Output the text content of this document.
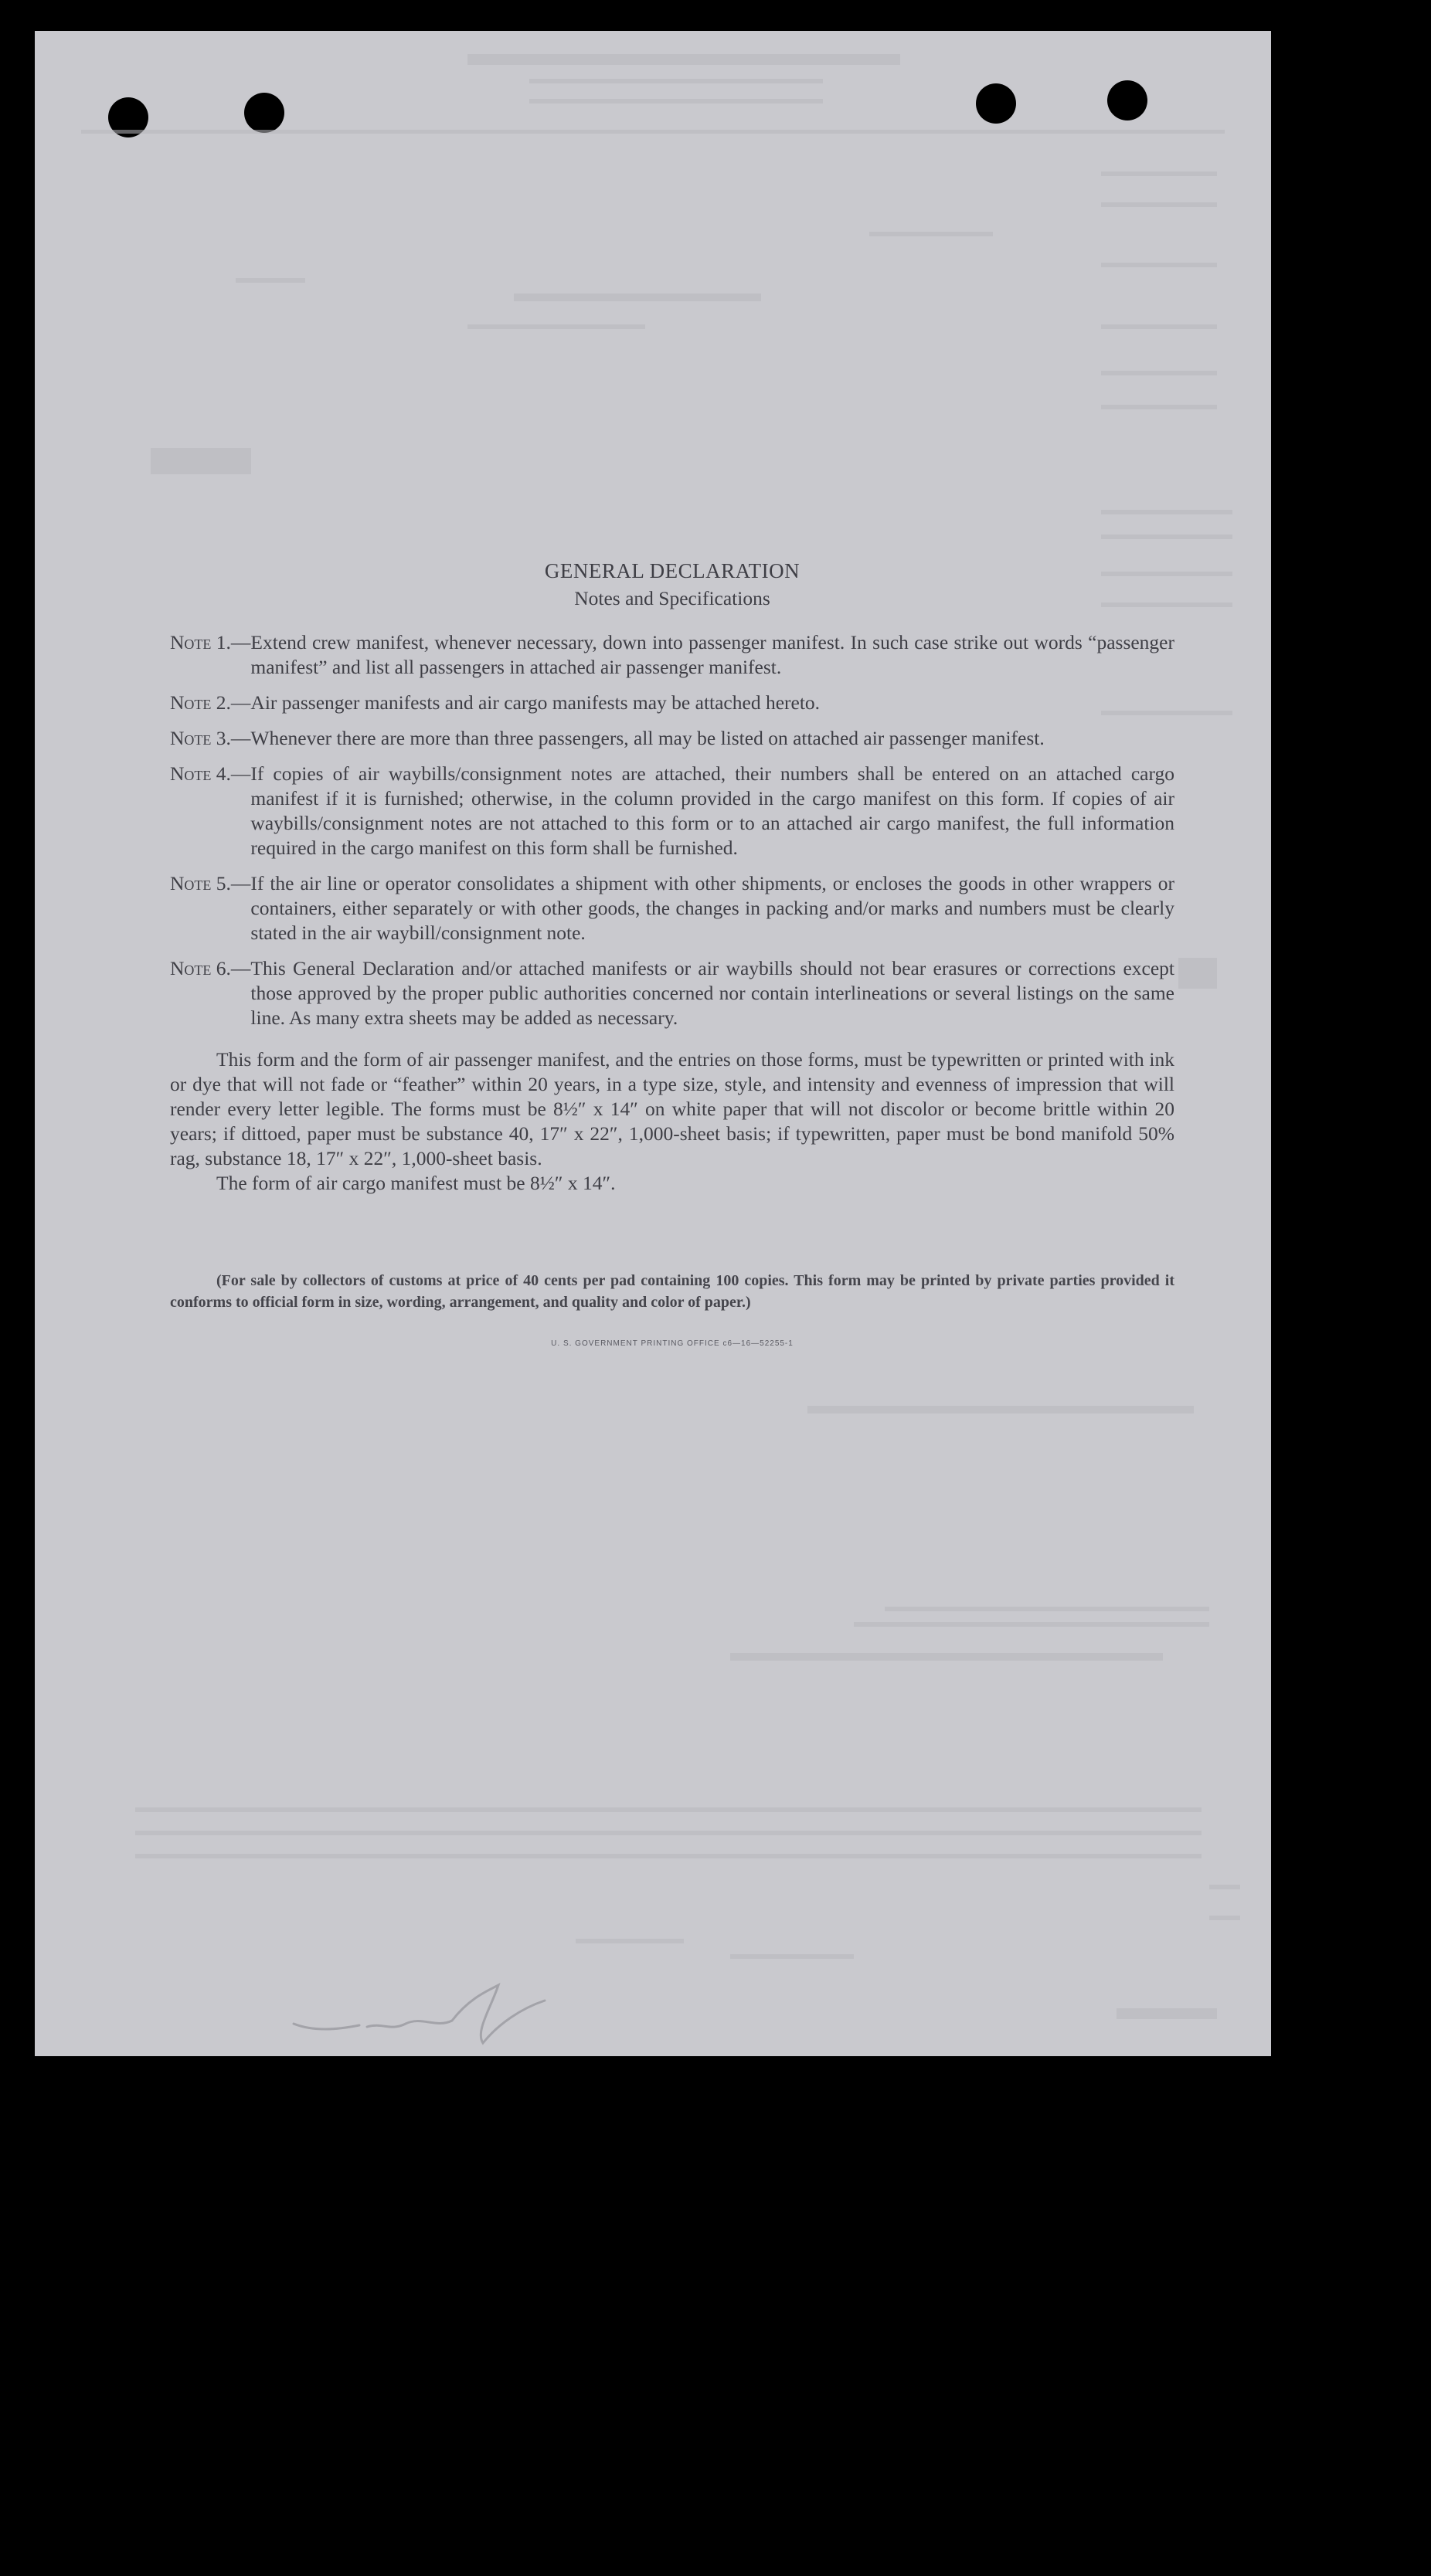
GENERAL DECLARATION
Notes and Specifications
Note 1.— Extend crew manifest, whenever necessary, down into passenger manifest. In such case strike out words “passenger manifest” and list all passengers in attached air passenger manifest.
Note 2.— Air passenger manifests and air cargo manifests may be attached hereto.
Note 3.— Whenever there are more than three passengers, all may be listed on attached air passenger manifest.
Note 4.— If copies of air waybills/consignment notes are attached, their numbers shall be entered on an attached cargo manifest if it is furnished; otherwise, in the column provided in the cargo manifest on this form. If copies of air waybills/consignment notes are not attached to this form or to an attached air cargo manifest, the full information required in the cargo manifest on this form shall be furnished.
Note 5.— If the air line or operator consolidates a shipment with other shipments, or encloses the goods in other wrappers or containers, either separately or with other goods, the changes in packing and/or marks and numbers must be clearly stated in the air waybill/consignment note.
Note 6.— This General Declaration and/or attached manifests or air waybills should not bear erasures or corrections except those approved by the proper public authorities concerned nor contain interlineations or several listings on the same line. As many extra sheets may be added as necessary.

This form and the form of air passenger manifest, and the entries on those forms, must be typewritten or printed with ink or dye that will not fade or “feather” within 20 years, in a type size, style, and intensity and evenness of impression that will render every letter legible. The forms must be 8½″ x 14″ on white paper that will not discolor or become brittle within 20 years; if dittoed, paper must be substance 40, 17″ x 22″, 1,000-sheet basis; if typewritten, paper must be bond manifold 50% rag, substance 18, 17″ x 22″, 1,000-sheet basis.

The form of air cargo manifest must be 8½″ x 14″.

(For sale by collectors of customs at price of 40 cents per pad containing 100 copies. This form may be printed by private parties provided it conforms to official form in size, wording, arrangement, and quality and color of paper.)
U. S. GOVERNMENT PRINTING OFFICE c6—16—52255-1
